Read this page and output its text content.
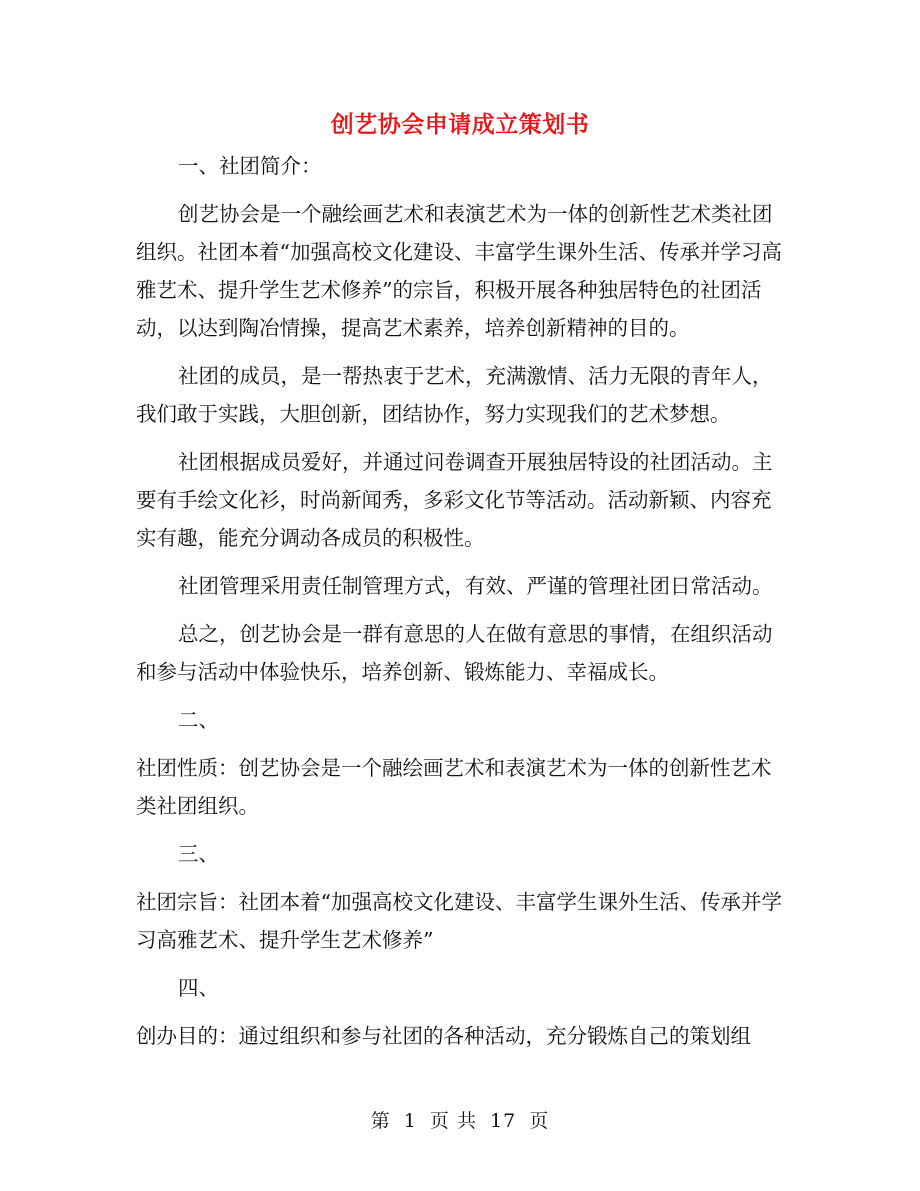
创艺协会申请成立策划书

一、社团简介：

创艺协会是一个融绘画艺术和表演艺术为一体的创新性艺术类社团组织。社团本着“加强高校文化建设、丰富学生课外生活、传承并学习高雅艺术、提升学生艺术修养”的宗旨，积极开展各种独居特色的社团活动，以达到陶冶情操，提高艺术素养，培养创新精神的目的。

社团的成员，是一帮热衷于艺术，充满激情、活力无限的青年人，我们敢于实践，大胆创新，团结协作，努力实现我们的艺术梦想。

社团根据成员爱好，并通过问卷调查开展独居特设的社团活动。主要有手绘文化衫，时尚新闻秀，多彩文化节等活动。活动新颖、内容充实有趣，能充分调动各成员的积极性。

社团管理采用责任制管理方式，有效、严谨的管理社团日常活动。

总之，创艺协会是一群有意思的人在做有意思的事情，在组织活动和参与活动中体验快乐，培养创新、锻炼能力、幸福成长。

二、

社团性质：创艺协会是一个融绘画艺术和表演艺术为一体的创新性艺术类社团组织。

三、

社团宗旨：社团本着“加强高校文化建设、丰富学生课外生活、传承并学习高雅艺术、提升学生艺术修养”

四、

创办目的：通过组织和参与社团的各种活动，充分锻炼自己的策划组

第 1 页 共 17 页
